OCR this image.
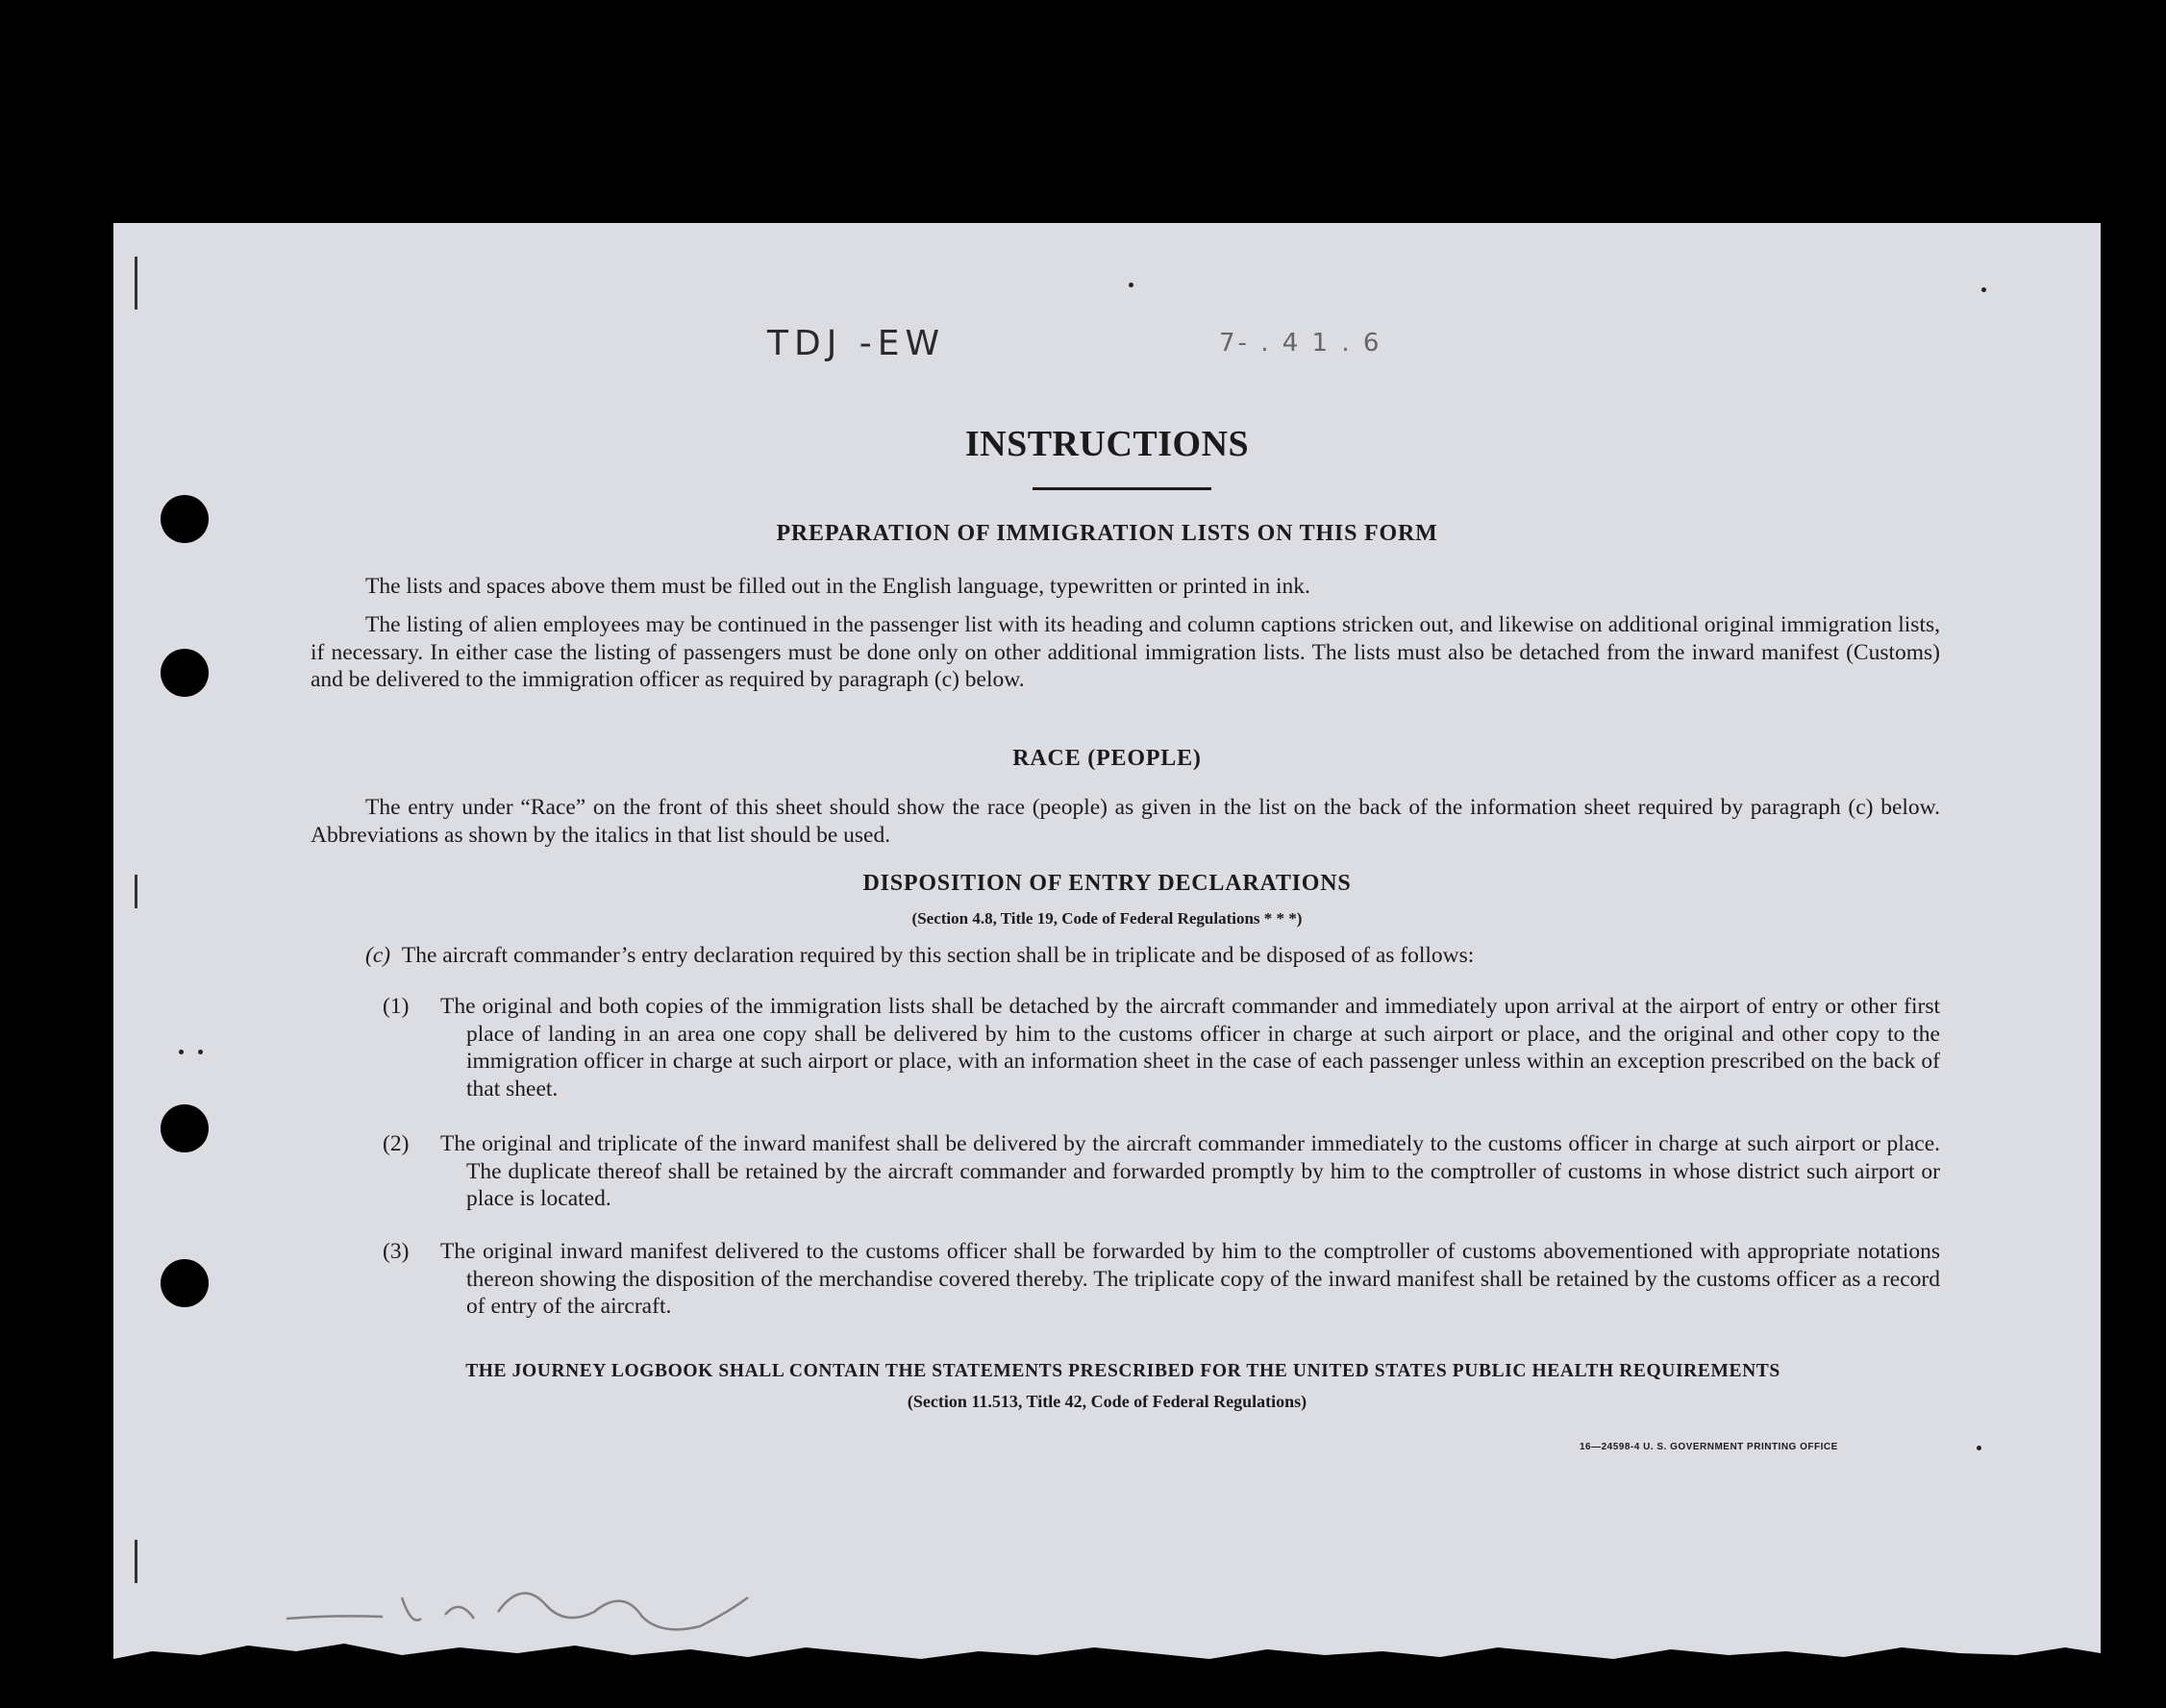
TDJ -EW	7- . 4 1 . 6
INSTRUCTIONS
PREPARATION OF IMMIGRATION LISTS ON THIS FORM
The lists and spaces above them must be filled out in the English language, typewritten or printed in ink.
The listing of alien employees may be continued in the passenger list with its heading and column captions stricken out, and likewise on additional original immigration lists, if necessary. In either case the listing of passengers must be done only on other additional immigration lists. The lists must also be detached from the inward manifest (Customs) and be delivered to the immigration officer as required by paragraph (c) below.
RACE (PEOPLE)
The entry under “Race” on the front of this sheet should show the race (people) as given in the list on the back of the information sheet required by paragraph (c) below. Abbreviations as shown by the italics in that list should be used.
DISPOSITION OF ENTRY DECLARATIONS
(Section 4.8, Title 19, Code of Federal Regulations * * *)
(c) The aircraft commander’s entry declaration required by this section shall be in triplicate and be disposed of as follows:
(1)	The original and both copies of the immigration lists shall be detached by the aircraft commander and immediately upon arrival at the airport of entry or other first place of landing in an area one copy shall be delivered by him to the customs officer in charge at such airport or place, and the original and other copy to the immigration officer in charge at such airport or place, with an information sheet in the case of each passenger unless within an exception prescribed on the back of that sheet.
(2)	The original and triplicate of the inward manifest shall be delivered by the aircraft commander immediately to the customs officer in charge at such airport or place. The duplicate thereof shall be retained by the aircraft commander and forwarded promptly by him to the comptroller of customs in whose district such airport or place is located.
(3)	The original inward manifest delivered to the customs officer shall be forwarded by him to the comptroller of customs abovementioned with appropriate notations thereon showing the disposition of the merchandise covered thereby. The triplicate copy of the inward manifest shall be retained by the customs officer as a record of entry of the aircraft.
THE JOURNEY LOGBOOK SHALL CONTAIN THE STATEMENTS PRESCRIBED FOR THE UNITED STATES PUBLIC HEALTH REQUIREMENTS
(Section 11.513, Title 42, Code of Federal Regulations)
16—24598-4 U. S. GOVERNMENT PRINTING OFFICE
